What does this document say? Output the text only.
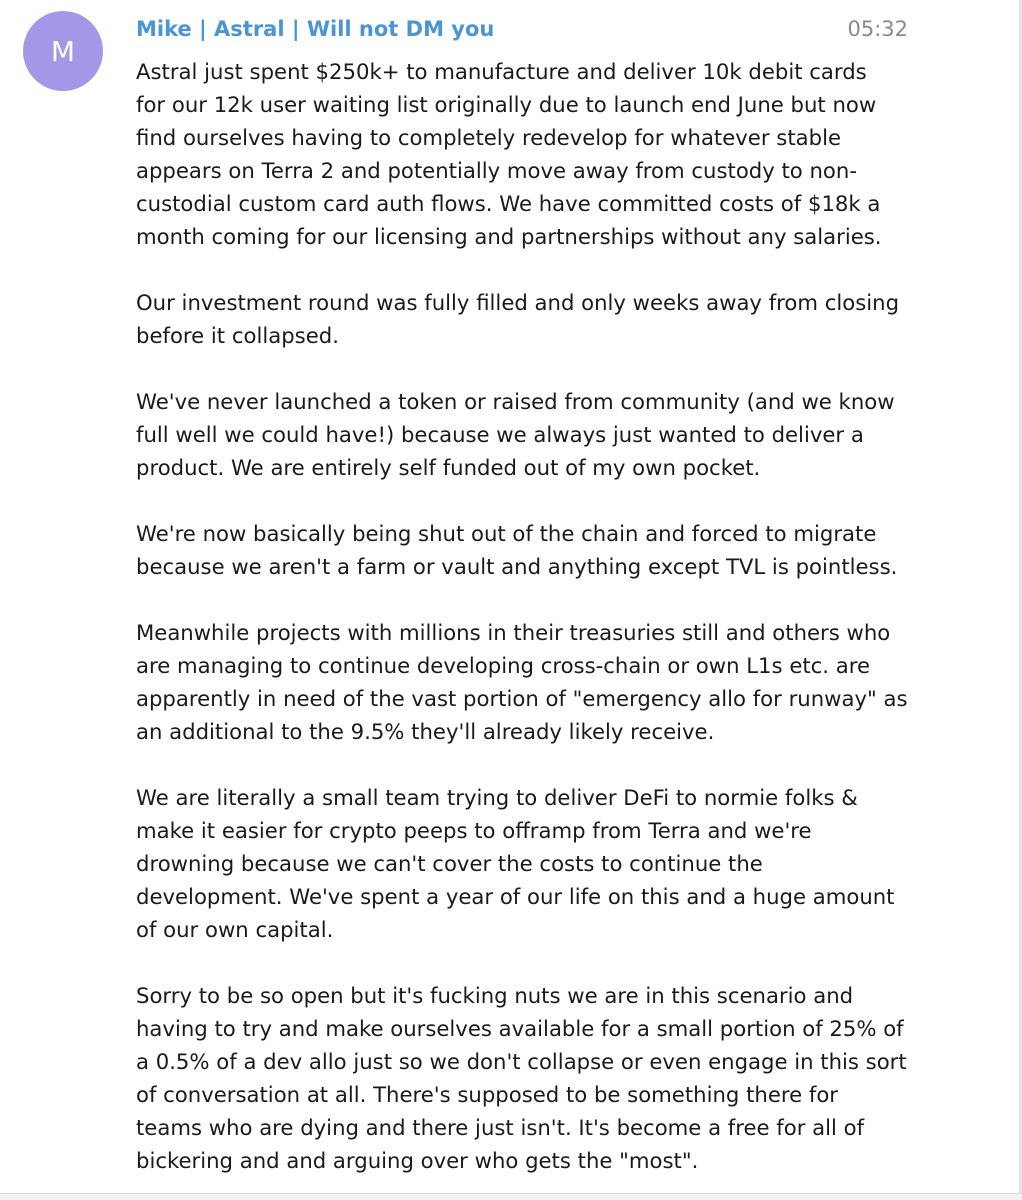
M
Mike | Astral | Will not DM you	05:32

Astral just spent $250k+ to manufacture and deliver 10k debit cards
for our 12k user waiting list originally due to launch end June but now
find ourselves having to completely redevelop for whatever stable
appears on Terra 2 and potentially move away from custody to non-
custodial custom card auth flows. We have committed costs of $18k a
month coming for our licensing and partnerships without any salaries.

Our investment round was fully filled and only weeks away from closing
before it collapsed.

We've never launched a token or raised from community (and we know
full well we could have!) because we always just wanted to deliver a
product. We are entirely self funded out of my own pocket.

We're now basically being shut out of the chain and forced to migrate
because we aren't a farm or vault and anything except TVL is pointless.

Meanwhile projects with millions in their treasuries still and others who
are managing to continue developing cross-chain or own L1s etc. are
apparently in need of the vast portion of "emergency allo for runway" as
an additional to the 9.5% they'll already likely receive.

We are literally a small team trying to deliver DeFi to normie folks &
make it easier for crypto peeps to offramp from Terra and we're
drowning because we can't cover the costs to continue the
development. We've spent a year of our life on this and a huge amount
of our own capital.

Sorry to be so open but it's fucking nuts we are in this scenario and
having to try and make ourselves available for a small portion of 25% of
a 0.5% of a dev allo just so we don't collapse or even engage in this sort
of conversation at all. There's supposed to be something there for
teams who are dying and there just isn't. It's become a free for all of
bickering and and arguing over who gets the "most".
